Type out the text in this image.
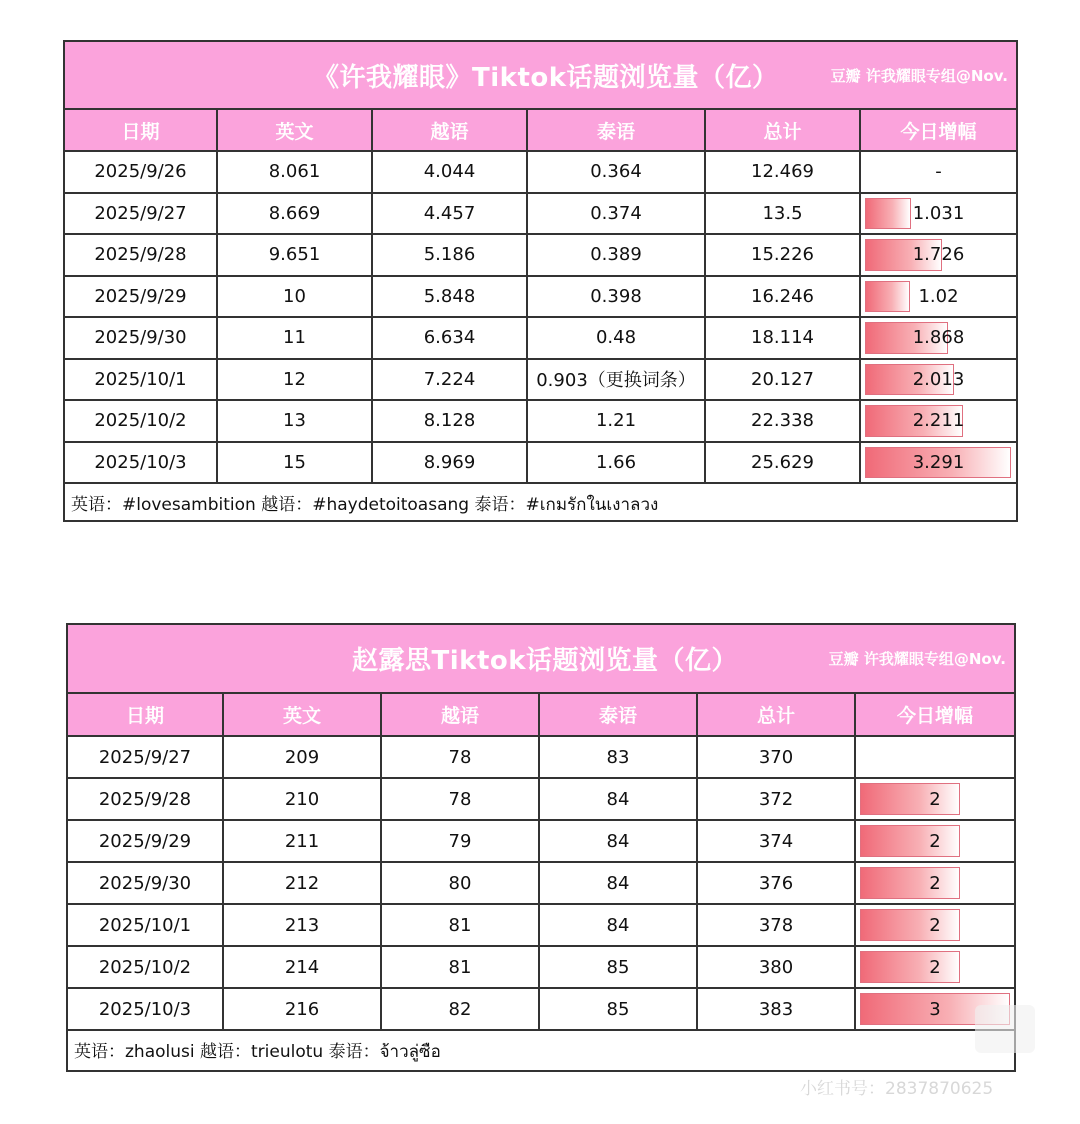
《许我耀眼》Tiktok话题浏览量（亿）	豆瓣 许我耀眼专组@Nov.
日期	英文	越语	泰语	总计	今日增幅
2025/9/26	8.061	4.044	0.364	12.469	-
2025/9/27	8.669	4.457	0.374	13.5	1.031
2025/9/28	9.651	5.186	0.389	15.226	1.726
2025/9/29	10	5.848	0.398	16.246	1.02
2025/9/30	11	6.634	0.48	18.114	1.868
2025/10/1	12	7.224	0.903（更换词条）	20.127	2.013
2025/10/2	13	8.128	1.21	22.338	2.211
2025/10/3	15	8.969	1.66	25.629	3.291
英语：#lovesambition 越语：#haydetoitoasang 泰语：#เกมรักในเงาลวง
赵露思Tiktok话题浏览量（亿）	豆瓣 许我耀眼专组@Nov.
日期	英文	越语	泰语	总计	今日增幅
2025/9/27	209	78	83	370
2025/9/28	210	78	84	372	2
2025/9/29	211	79	84	374	2
2025/9/30	212	80	84	376	2
2025/10/1	213	81	84	378	2
2025/10/2	214	81	85	380	2
2025/10/3	216	82	85	383	3
英语：zhaolusi 越语：trieulotu 泰语：จ้าวลู่ซือ
小红书号：2837870625
